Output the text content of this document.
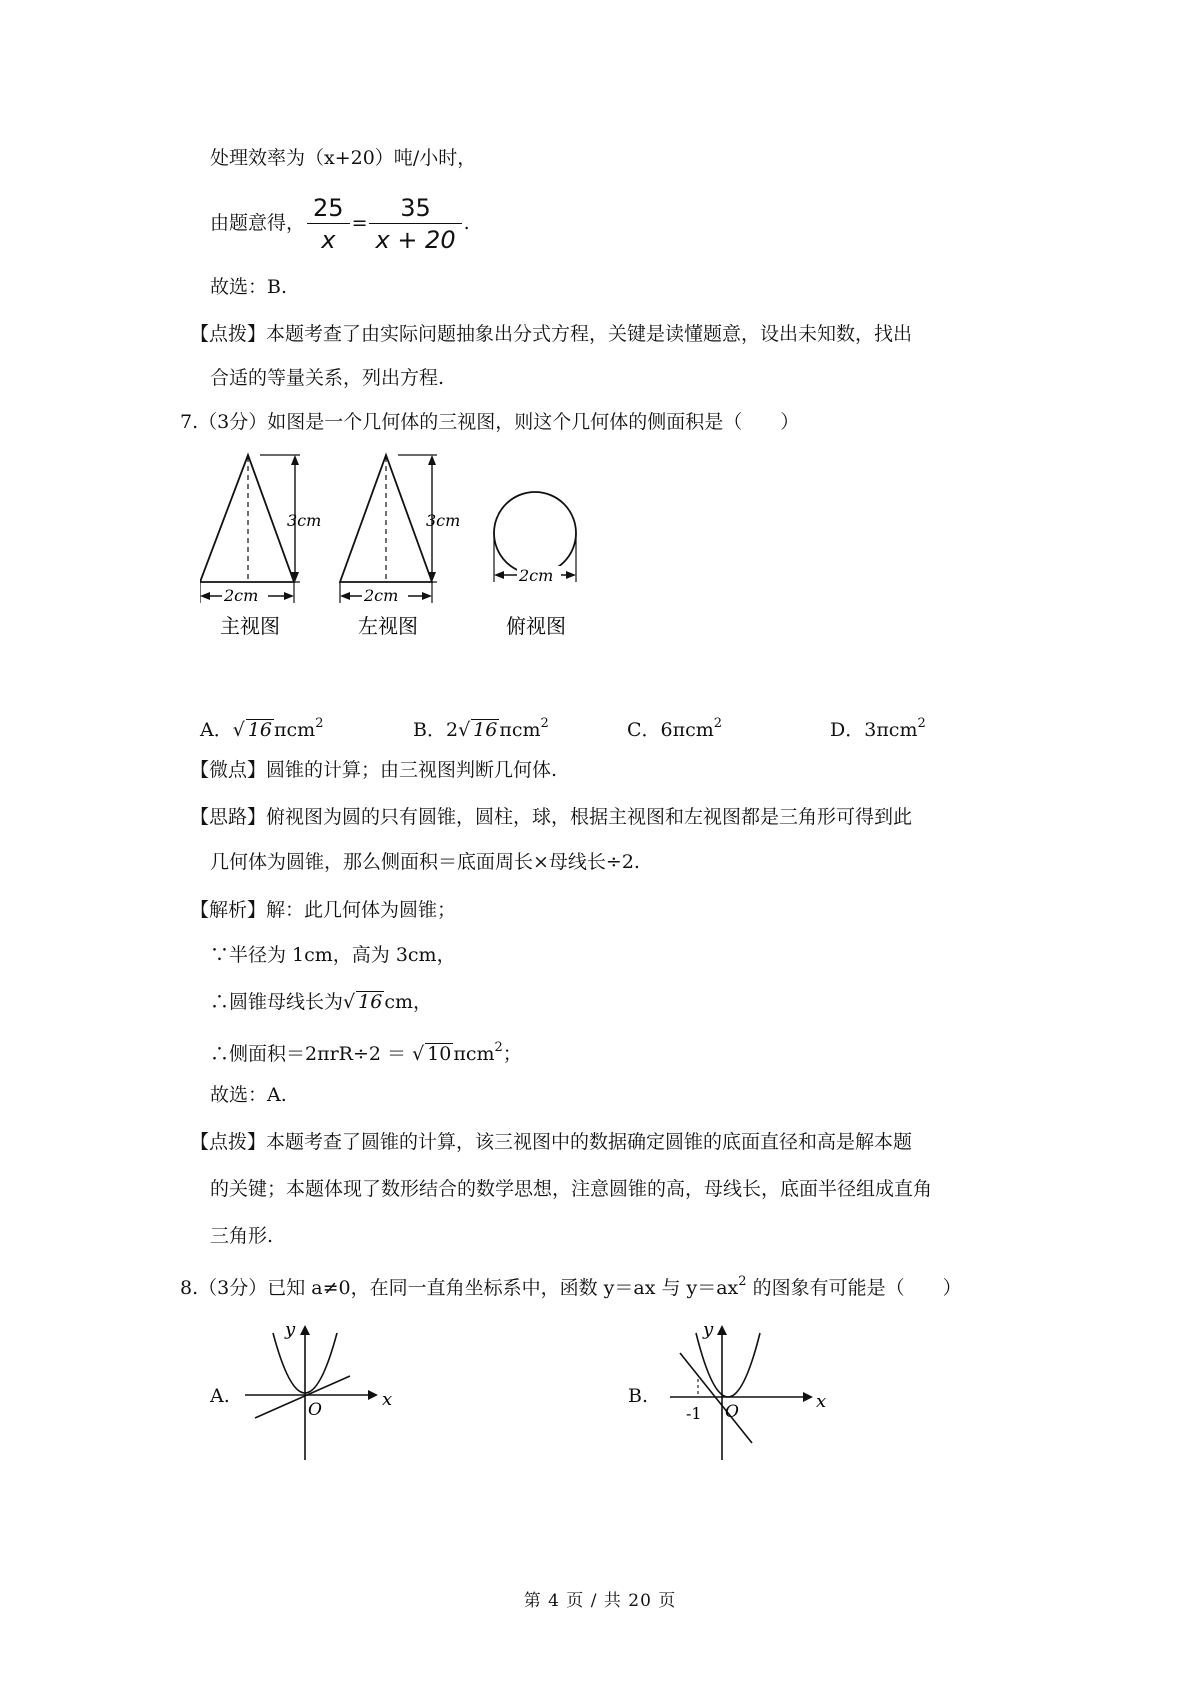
处理效率为（x+20）吨/小时，
由题意得， $\frac{25}{x} = \frac{35}{x + 20}$ .
故选：B.
【点拨】本题考查了由实际问题抽象出分式方程，关键是读懂题意，设出未知数，找出
合适的等量关系，列出方程.
7.（3分）如图是一个几何体的三视图，则这个几何体的侧面积是（　　）
2cm
3cm
主视图
2cm
3cm
左视图
2cm
俯视图
A．√ 16 πcm$^2$	B．2√ 16 πcm$^2$	C．6πcm$^2$	D．3πcm$^2$
【微点】圆锥的计算；由三视图判断几何体.
【思路】俯视图为圆的只有圆锥，圆柱，球，根据主视图和左视图都是三角形可得到此
几何体为圆锥，那么侧面积＝底面周长×母线长÷2.
【解析】解：此几何体为圆锥；
∵半径为 1cm，高为 3cm，
∴圆锥母线长为√ 16 cm，
∴侧面积＝2πrR÷2 ＝ √ 10 πcm$^2$；
故选：A.
【点拨】本题考查了圆锥的计算，该三视图中的数据确定圆锥的底面直径和高是解本题
的关键；本题体现了数形结合的数学思想，注意圆锥的高，母线长，底面半径组成直角
三角形.
8.（3分）已知 a≠0，在同一直角坐标系中，函数 y＝ax 与 $y=ax^2$ 的图象有可能是（　　）
A.	x
y
O
B.	x
y
O
-1
第 4 页 / 共 20 页
